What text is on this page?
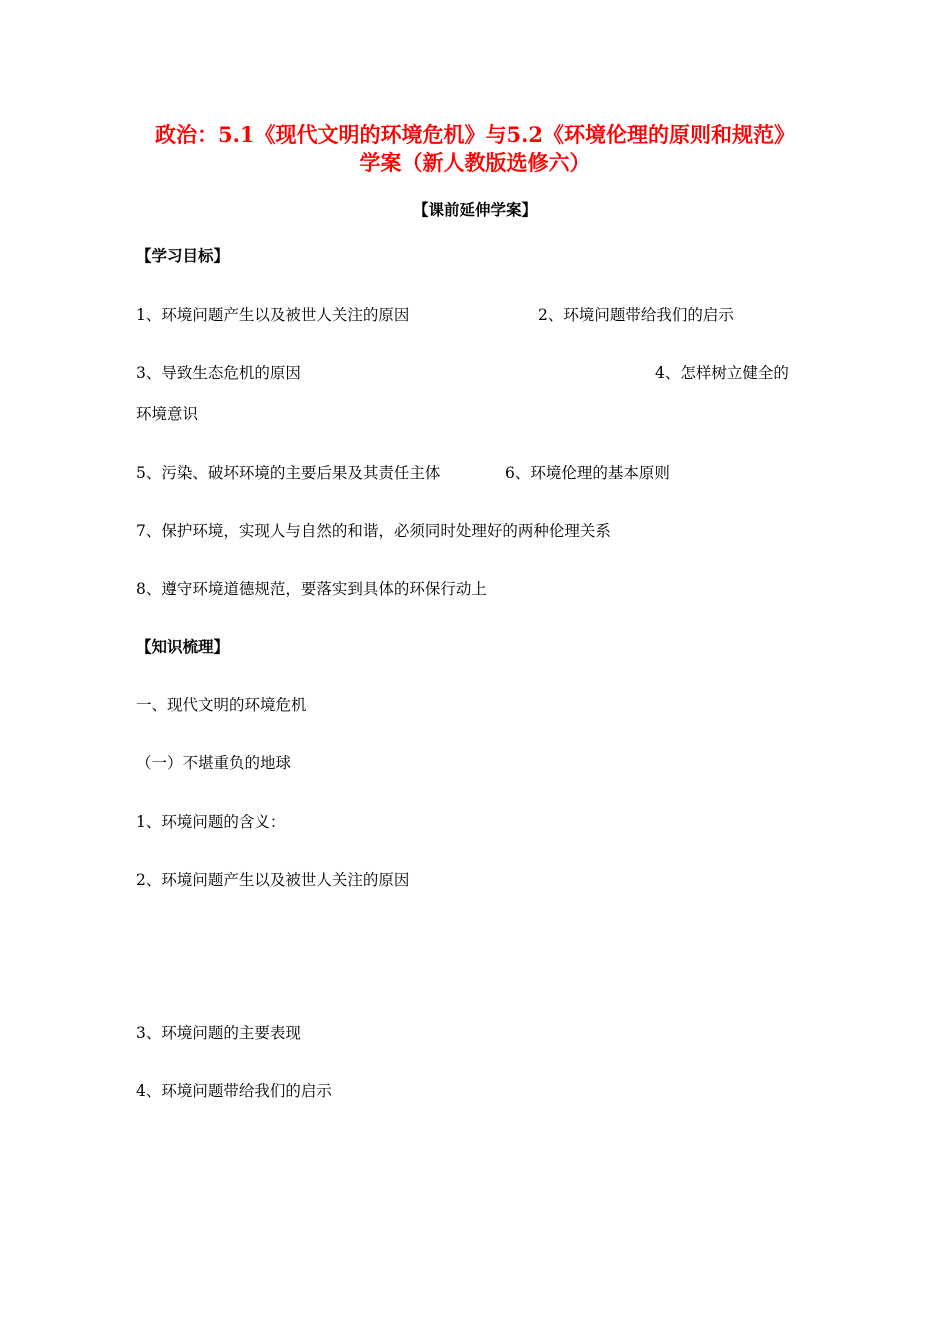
政治：5.1《现代文明的环境危机》与5.2《环境伦理的原则和规范》
学案（新人教版选修六）
【课前延伸学案】
【学习目标】
1、环境问题产生以及被世人关注的原因	2、环境问题带给我们的启示
3、导致生态危机的原因	4、怎样树立健全的
环境意识
5、污染、破坏环境的主要后果及其责任主体	6、环境伦理的基本原则
7、保护环境，实现人与自然的和谐，必须同时处理好的两种伦理关系
8、遵守环境道德规范，要落实到具体的环保行动上
【知识梳理】
一、现代文明的环境危机
（一）不堪重负的地球
1、环境问题的含义：
2、环境问题产生以及被世人关注的原因
3、环境问题的主要表现
4、环境问题带给我们的启示
